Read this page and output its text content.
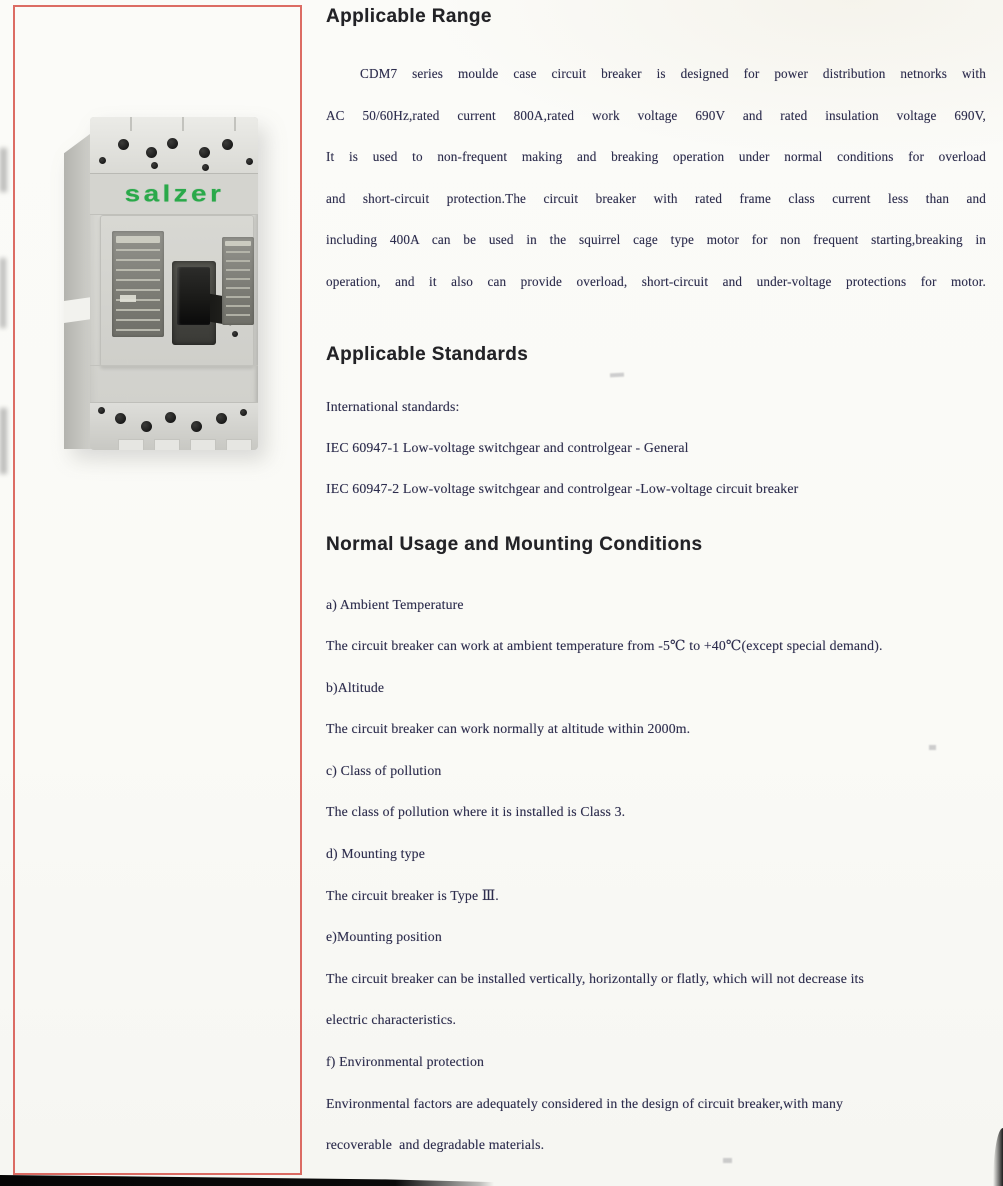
salzer
Applicable Range
CDM7 series moulde case circuit breaker is designed for power distribution netnorks with
AC 50/60Hz,rated current 800A,rated work voltage 690V and rated insulation voltage 690V,
It is used to non-frequent making and breaking operation under normal conditions for overload
and short-circuit protection.The circuit breaker with rated frame class current less than and
including 400A can be used in the squirrel cage type motor for non frequent starting,breaking in
operation, and it also can provide overload, short-circuit and under-voltage protections for motor.
Applicable Standards
International standards:
IEC 60947-1 Low-voltage switchgear and controlgear - General
IEC 60947-2 Low-voltage switchgear and controlgear -Low-voltage circuit breaker
Normal Usage and Mounting Conditions
a) Ambient Temperature
The circuit breaker can work at ambient temperature from -5℃ to +40℃(except special demand).
b)Altitude
The circuit breaker can work normally at altitude within 2000m.
c) Class of pollution
The class of pollution where it is installed is Class 3.
d) Mounting type
The circuit breaker is Type Ⅲ.
e)Mounting position
The circuit breaker can be installed vertically, horizontally or flatly, which will not decrease its
electric characteristics.
f) Environmental protection
Environmental factors are adequately considered in the design of circuit breaker,with many
recoverable  and degradable materials.
